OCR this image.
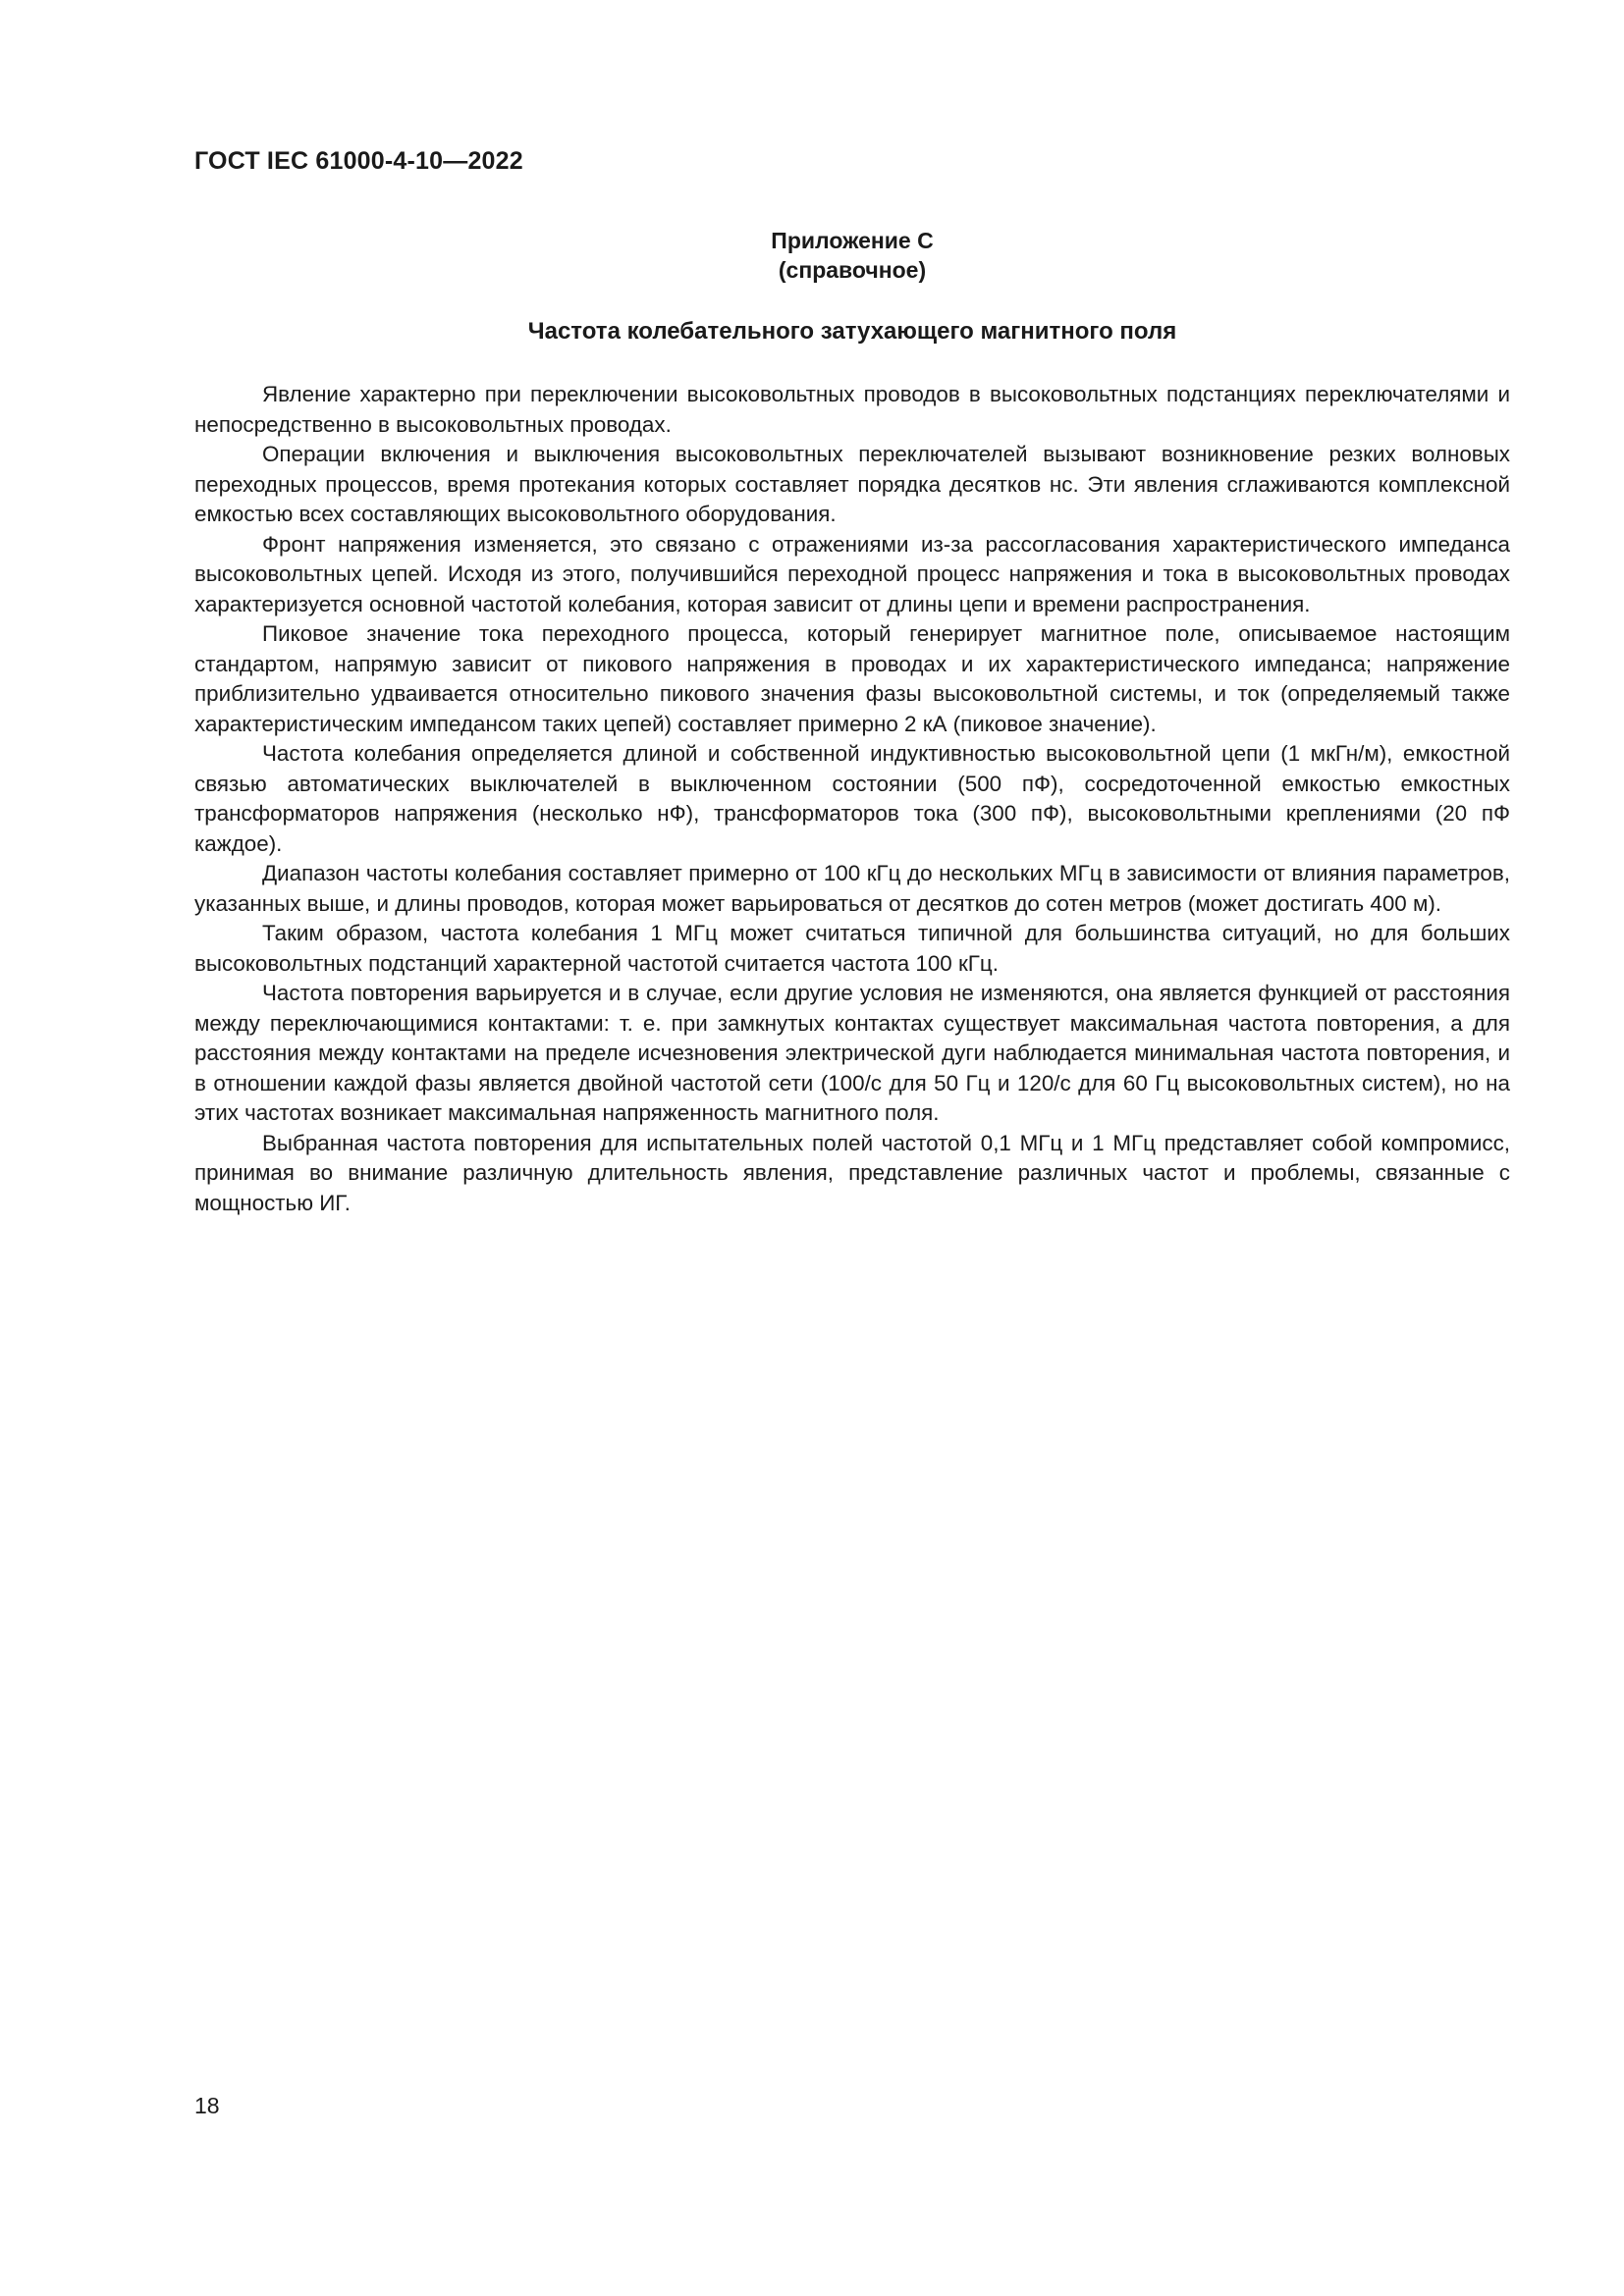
ГОСТ IEC 61000-4-10—2022
Приложение С
(справочное)
Частота колебательного затухающего магнитного поля

Явление характерно при переключении высоковольтных проводов в высоковольтных подстанциях переключателями и непосредственно в высоковольтных проводах.

Операции включения и выключения высоковольтных переключателей вызывают возникновение резких волновых переходных процессов, время протекания которых составляет порядка десятков нс. Эти явления сглаживаются комплексной емкостью всех составляющих высоковольтного оборудования.

Фронт напряжения изменяется, это связано с отражениями из-за рассогласования характеристического импеданса высоковольтных цепей. Исходя из этого, получившийся переходной процесс напряжения и тока в высоковольтных проводах характеризуется основной частотой колебания, которая зависит от длины цепи и времени распространения.

Пиковое значение тока переходного процесса, который генерирует магнитное поле, описываемое настоящим стандартом, напрямую зависит от пикового напряжения в проводах и их характеристического импеданса; напряжение приблизительно удваивается относительно пикового значения фазы высоковольтной системы, и ток (определяемый также характеристическим импедансом таких цепей) составляет примерно 2 кА (пиковое значение).

Частота колебания определяется длиной и собственной индуктивностью высоковольтной цепи (1 мкГн/м), емкостной связью автоматических выключателей в выключенном состоянии (500 пФ), сосредоточенной емкостью емкостных трансформаторов напряжения (несколько нФ), трансформаторов тока (300 пФ), высоковольтными креплениями (20 пФ каждое).

Диапазон частоты колебания составляет примерно от 100 кГц до нескольких МГц в зависимости от влияния параметров, указанных выше, и длины проводов, которая может варьироваться от десятков до сотен метров (может достигать 400 м).

Таким образом, частота колебания 1 МГц может считаться типичной для большинства ситуаций, но для больших высоковольтных подстанций характерной частотой считается частота 100 кГц.

Частота повторения варьируется и в случае, если другие условия не изменяются, она является функцией от расстояния между переключающимися контактами: т. е. при замкнутых контактах существует максимальная частота повторения, а для расстояния между контактами на пределе исчезновения электрической дуги наблюдается минимальная частота повторения, и в отношении каждой фазы является двойной частотой сети (100/с для 50 Гц и 120/с для 60 Гц высоковольтных систем), но на этих частотах возникает максимальная напряженность магнитного поля.

Выбранная частота повторения для испытательных полей частотой 0,1 МГц и 1 МГц представляет собой компромисс, принимая во внимание различную длительность явления, представление различных частот и проблемы, связанные с мощностью ИГ.

18
